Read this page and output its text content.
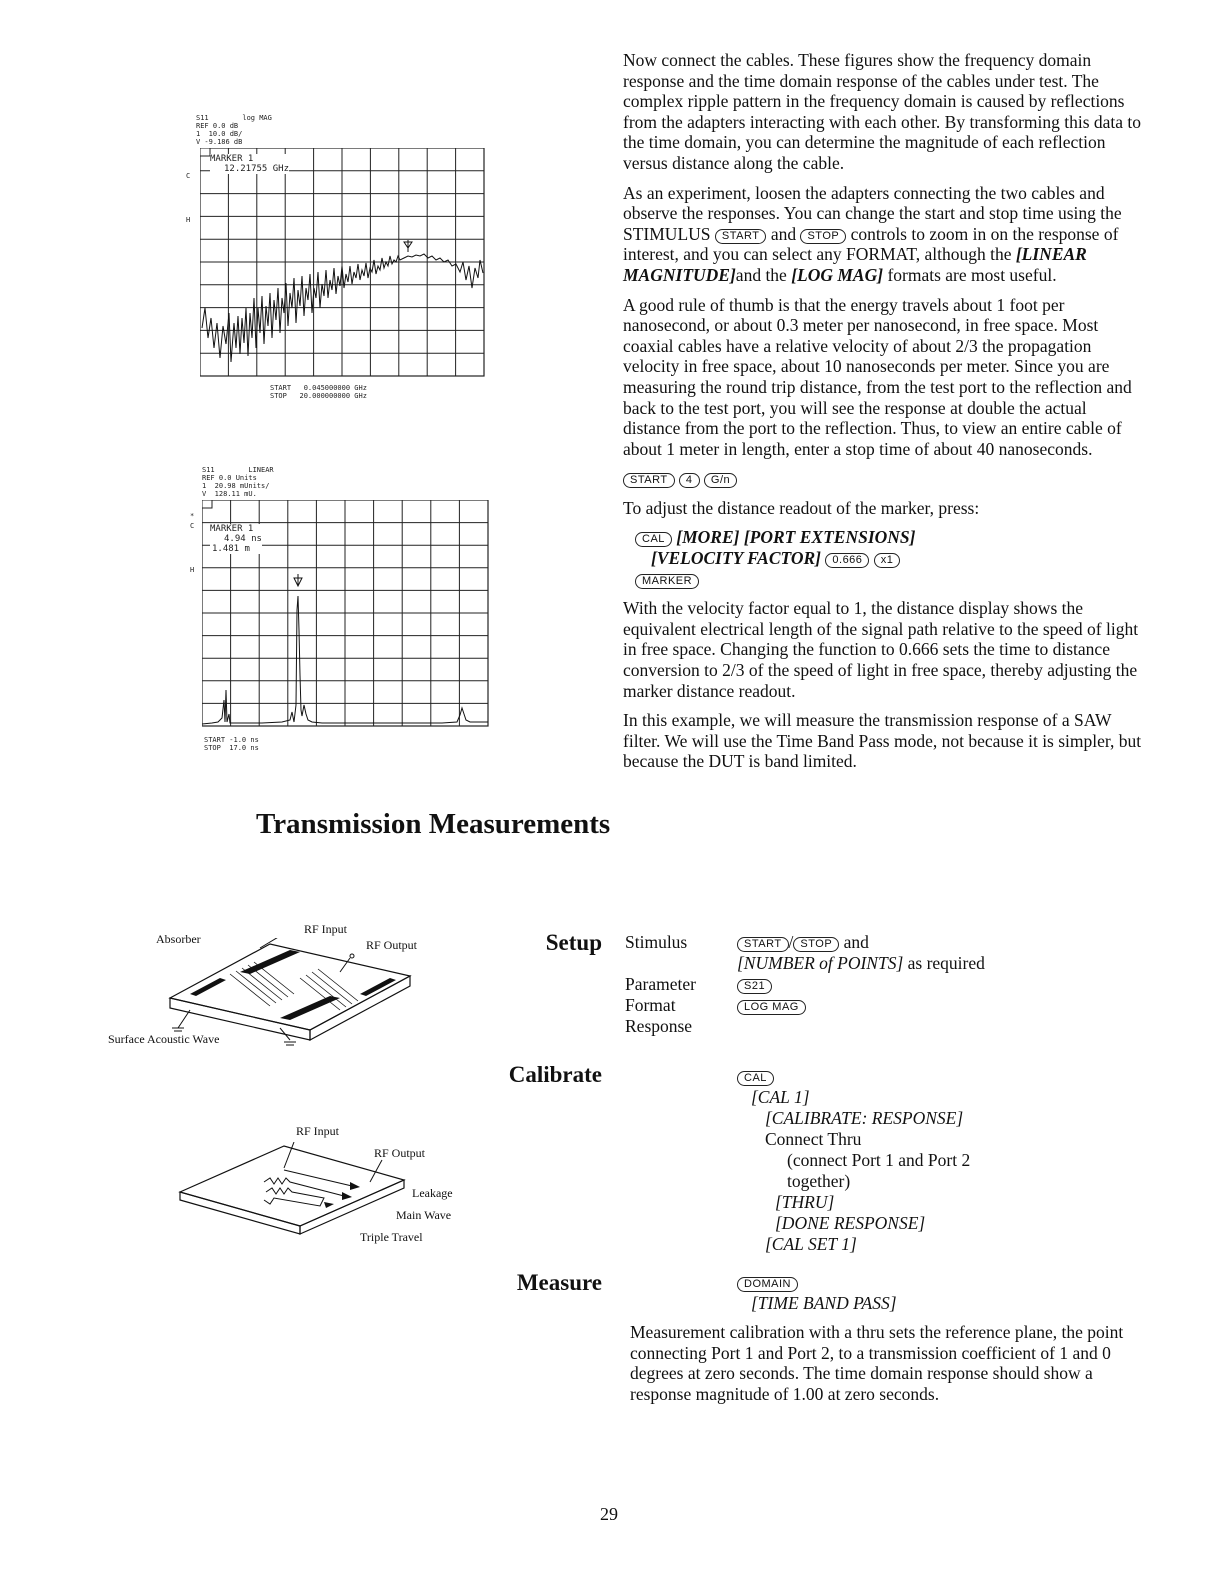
Now connect the cables. These figures show the frequency domain response and the time domain response of the cables under test. The complex ripple pattern in the frequency domain is caused by reflections from the adapters interacting with each other. By transforming this data to the time domain, you can determine the magnitude of each reflection versus distance along the cable.

As an experiment, loosen the adapters connecting the two cables and observe the responses. You can change the start and stop time using the STIMULUS START and STOP controls to zoom in on the response of interest, and you can select any FORMAT, although the [LINEAR MAGNITUDE]and the [LOG MAG] formats are most useful.

A good rule of thumb is that the energy travels about 1 foot per nanosecond, or about 0.3 meter per nanosecond, in free space. Most coaxial cables have a relative velocity of about 2/3 the propagation velocity in free space, about 10 nanoseconds per meter. Since you are measuring the round trip distance, from the test port to the reflection and back to the test port, you will see the response at double the actual distance from the port to the reflection. Thus, to view an entire cable of about 1 meter in length, enter a stop time of about 40 nanoseconds.

START 4 G/n

To adjust the distance readout of the marker, press:

CAL [MORE] [PORT EXTENSIONS]
[VELOCITY FACTOR] 0.666 x1
MARKER

With the velocity factor equal to 1, the distance display shows the equivalent electrical length of the signal path relative to the speed of light in free space. Changing the function to 0.666 sets the time to distance conversion to 2/3 of the speed of light in free space, thereby adjusting the marker distance readout.

In this example, we will measure the transmission response of a SAW filter. We will use the Time Band Pass mode, not because it is simpler, but because the DUT is band limited.

S11        log MAG
REF 0.0 dB
1  10.0 dB/
V -9.186 dB
C
H
MARKER 1
12.21755 GHz
START   0.045000000 GHz
STOP   20.000000000 GHz
S11        LINEAR
REF 0.0 Units
1  20.98 mUnits/
V  128.11 mU.
*
C
H
MARKER 1
4.94 ns
1.481 m
START -1.0 ns
STOP  17.0 ns
Transmission Measurements
Absorber
RF Input
RF Output
Surface Acoustic Wave
RF Input
RF Output
Leakage
Main Wave
Triple Travel
Setup Stimulus	START / STOP and
[NUMBER of POINTS] as required
Parameter	S21
Format	LOG MAG
Response
Calibrate	CAL
[CAL 1]
[CALIBRATE: RESPONSE]
Connect Thru
(connect Port 1 and Port 2
together)
[THRU]
[DONE RESPONSE]
[CAL SET 1]
Measure	DOMAIN
[TIME BAND PASS]
Measurement calibration with a thru sets the reference plane, the point connecting Port 1 and Port 2, to a transmission coefficient of 1 and 0 degrees at zero seconds. The time domain response should show a response magnitude of 1.00 at zero seconds.
29
